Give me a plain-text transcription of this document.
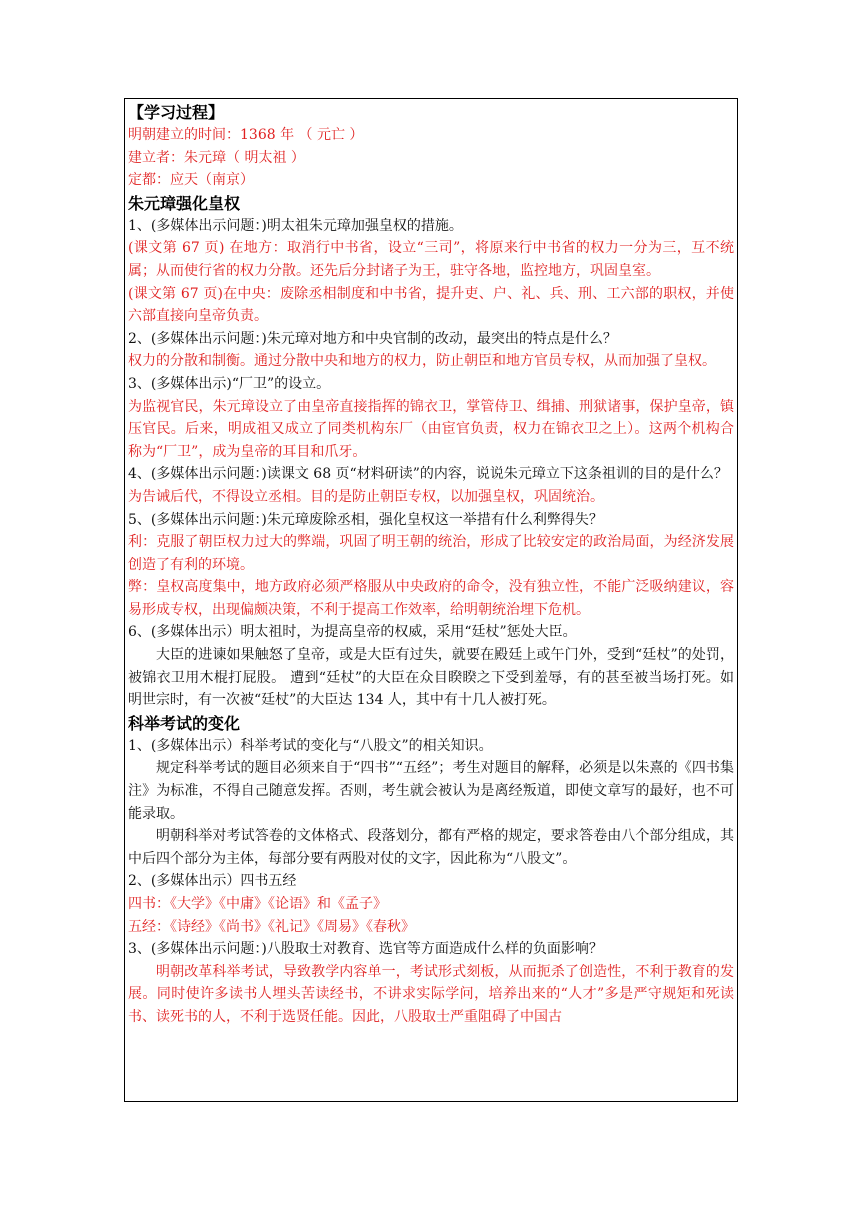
【学习过程】

明朝建立的时间：1368 年 （ 元亡 ）

建立者：朱元璋（ 明太祖 ）

定都：应天（南京）

朱元璋强化皇权

1、(多媒体出示问题：)明太祖朱元璋加强皇权的措施。

(课文第 67 页) 在地方：取消行中书省，设立“三司”，将原来行中书省的权力一分为三，互不统属；从而使行省的权力分散。还先后分封诸子为王，驻守各地，监控地方，巩固皇室。

(课文第 67 页)在中央：废除丞相制度和中书省，提升吏、户、礼、兵、刑、工六部的职权，并使六部直接向皇帝负责。

2、(多媒体出示问题：)朱元璋对地方和中央官制的改动，最突出的特点是什么？

权力的分散和制衡。通过分散中央和地方的权力，防止朝臣和地方官员专权，从而加强了皇权。

3、(多媒体出示)“厂卫”的设立。

为监视官民，朱元璋设立了由皇帝直接指挥的锦衣卫，掌管侍卫、缉捕、刑狱诸事，保护皇帝，镇压官民。后来，明成祖又成立了同类机构东厂（由宦官负责，权力在锦衣卫之上）。这两个机构合称为“厂卫”，成为皇帝的耳目和爪牙。

4、(多媒体出示问题：)读课文 68 页“材料研读”的内容，说说朱元璋立下这条祖训的目的是什么？

为告诫后代，不得设立丞相。目的是防止朝臣专权，以加强皇权，巩固统治。

5、(多媒体出示问题：)朱元璋废除丞相，强化皇权这一举措有什么利弊得失？

利：克服了朝臣权力过大的弊端，巩固了明王朝的统治，形成了比较安定的政治局面，为经济发展创造了有利的环境。

弊：皇权高度集中，地方政府必须严格服从中央政府的命令，没有独立性，不能广泛吸纳建议，容易形成专权，出现偏颇决策，不利于提高工作效率，给明朝统治埋下危机。

6、(多媒体出示）明太祖时，为提高皇帝的权威，采用“廷杖”惩处大臣。

大臣的进谏如果触怒了皇帝，或是大臣有过失，就要在殿廷上或午门外，受到“廷杖”的处罚，被锦衣卫用木棍打屁股。 遭到“廷杖”的大臣在众目睽睽之下受到羞辱，有的甚至被当场打死。如明世宗时，有一次被“廷杖”的大臣达 134 人，其中有十几人被打死。

科举考试的变化

1、(多媒体出示）科举考试的变化与“八股文”的相关知识。

规定科举考试的题目必须来自于“四书”“五经”；考生对题目的解释，必须是以朱熹的《四书集注》为标准，不得自己随意发挥。否则，考生就会被认为是离经叛道，即使文章写的最好，也不可能录取。

明朝科举对考试答卷的文体格式、段落划分，都有严格的规定，要求答卷由八个部分组成，其中后四个部分为主体，每部分要有两股对仗的文字，因此称为“八股文”。

2、(多媒体出示）四书五经

四书：《大学》《中庸》《论语》和《孟子》

五经：《诗经》《尚书》《礼记》《周易》《春秋》

3、(多媒体出示问题：)八股取士对教育、选官等方面造成什么样的负面影响？

明朝改革科举考试，导致教学内容单一，考试形式刻板，从而扼杀了创造性，不利于教育的发展。同时使许多读书人埋头苦读经书，不讲求实际学问，培养出来的“人才”多是严守规矩和死读书、读死书的人，不利于选贤任能。因此，八股取士严重阻碍了中国古
